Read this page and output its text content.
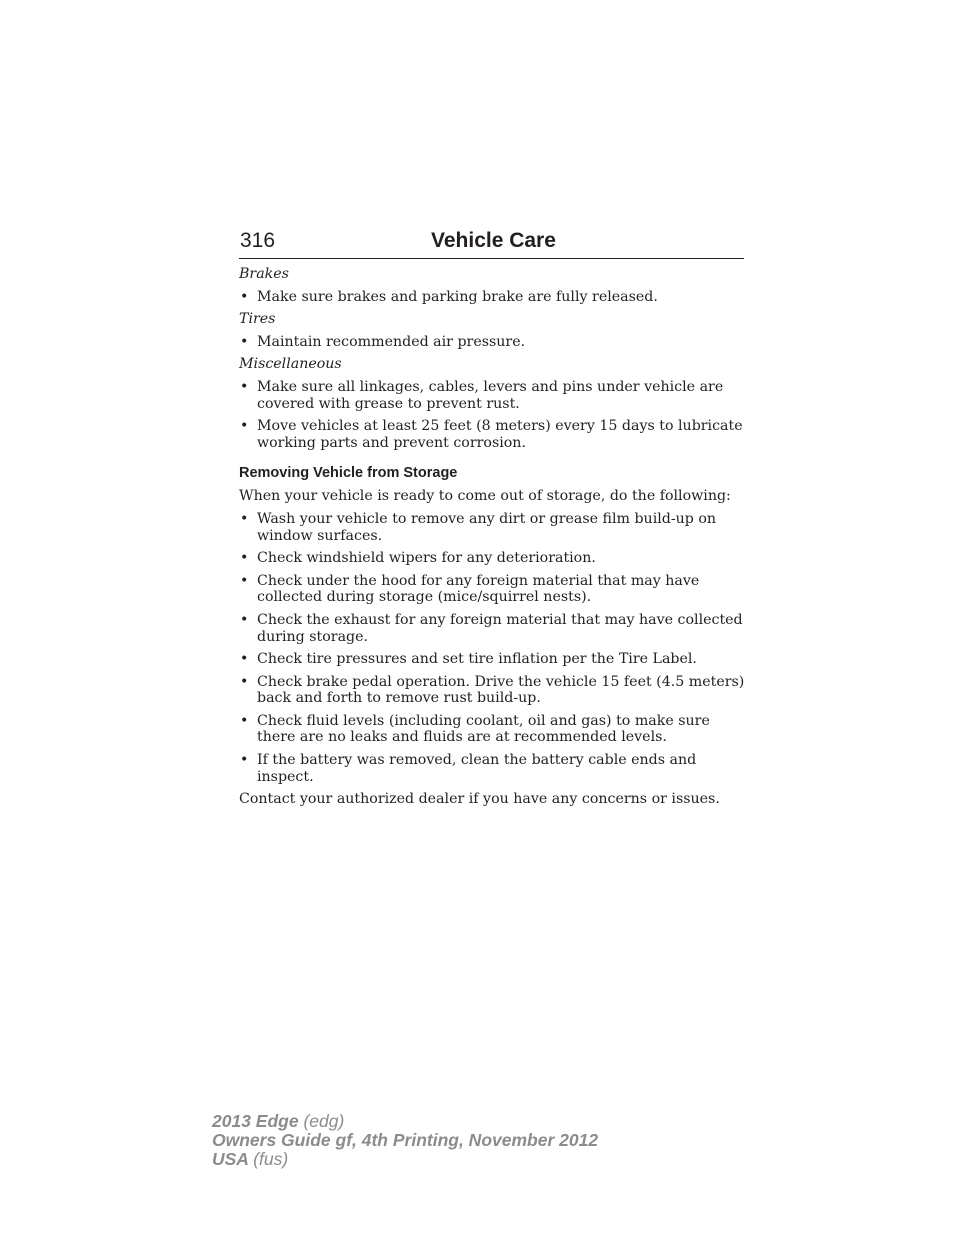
316	Vehicle Care
Brakes
• Make sure brakes and parking brake are fully released.
Tires
• Maintain recommended air pressure.
Miscellaneous
• Make sure all linkages, cables, levers and pins under vehicle are covered with grease to prevent rust.
• Move vehicles at least 25 feet (8 meters) every 15 days to lubricate working parts and prevent corrosion.
Removing Vehicle from Storage
When your vehicle is ready to come out of storage, do the following:
• Wash your vehicle to remove any dirt or grease film build-up on window surfaces.
• Check windshield wipers for any deterioration.
• Check under the hood for any foreign material that may have collected during storage (mice/squirrel nests).
• Check the exhaust for any foreign material that may have collected during storage.
• Check tire pressures and set tire inflation per the Tire Label.
• Check brake pedal operation. Drive the vehicle 15 feet (4.5 meters) back and forth to remove rust build-up.
• Check fluid levels (including coolant, oil and gas) to make sure there are no leaks and fluids are at recommended levels.
• If the battery was removed, clean the battery cable ends and inspect.
Contact your authorized dealer if you have any concerns or issues.
2013 Edge (edg)
Owners Guide gf, 4th Printing, November 2012
USA (fus)
